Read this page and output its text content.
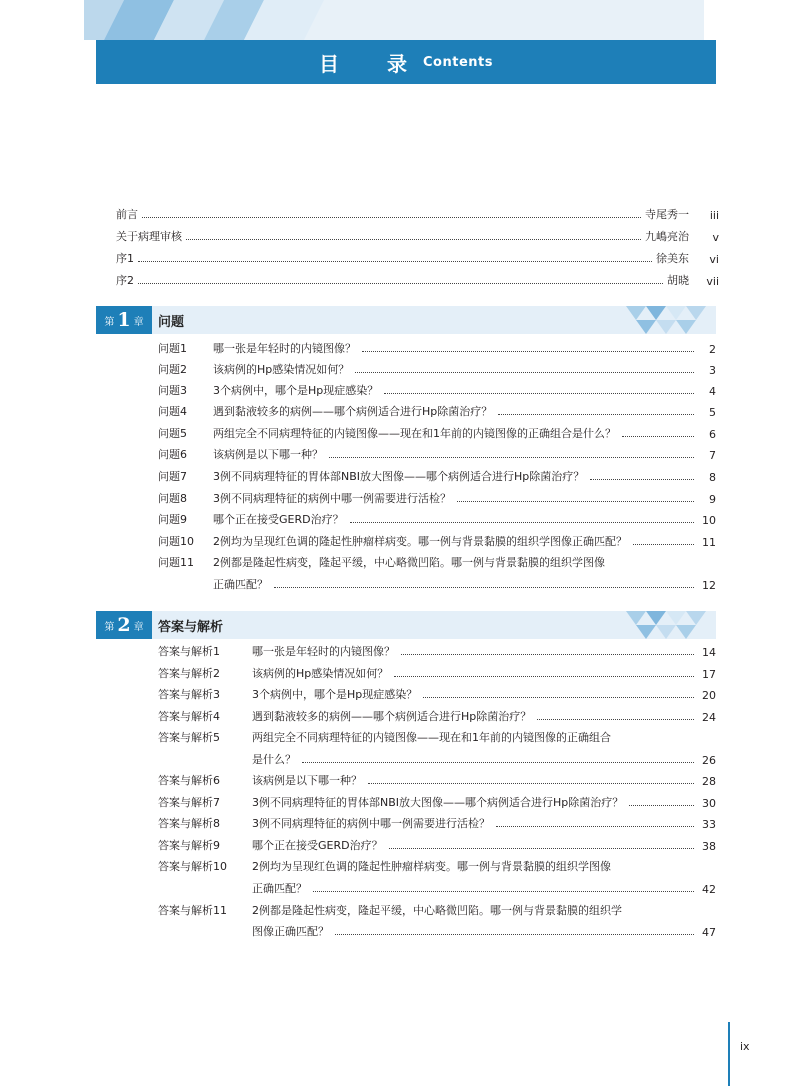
目　录 Contents
前言	寺尾秀一	iii
关于病理审核	九嶋亮治	v
序1	徐美东	vi
序2	胡晓	vii
第 1 章 问题
问题1 哪一张是年轻时的内镜图像？	2
问题2 该病例的Hp感染情况如何？	3
问题3 3个病例中，哪个是Hp现症感染？	4
问题4 遇到黏液较多的病例——哪个病例适合进行Hp除菌治疗？	5
问题5 两组完全不同病理特征的内镜图像——现在和1年前的内镜图像的正确组合是什么？	6
问题6 该病例是以下哪一种？	7
问题7 3例不同病理特征的胃体部NBI放大图像——哪个病例适合进行Hp除菌治疗？	8
问题8 3例不同病理特征的病例中哪一例需要进行活检？	9
问题9 哪个正在接受GERD治疗？	10
问题10 2例均为呈现红色调的隆起性肿瘤样病变。哪一例与背景黏膜的组织学图像正确匹配？	11
问题11 2例都是隆起性病变，隆起平缓，中心略微凹陷。哪一例与背景黏膜的组织学图像
正确匹配？	12
第 2 章 答案与解析
答案与解析1	哪一张是年轻时的内镜图像？	14
答案与解析2	该病例的Hp感染情况如何？	17
答案与解析3	3个病例中，哪个是Hp现症感染？	20
答案与解析4	遇到黏液较多的病例——哪个病例适合进行Hp除菌治疗？	24
答案与解析5	两组完全不同病理特征的内镜图像——现在和1年前的内镜图像的正确组合
是什么？	26
答案与解析6	该病例是以下哪一种？	28
答案与解析7	3例不同病理特征的胃体部NBI放大图像——哪个病例适合进行Hp除菌治疗？	30
答案与解析8	3例不同病理特征的病例中哪一例需要进行活检？	33
答案与解析9	哪个正在接受GERD治疗？	38
答案与解析10 2例均为呈现红色调的隆起性肿瘤样病变。哪一例与背景黏膜的组织学图像
正确匹配？	42
答案与解析11 2例都是隆起性病变，隆起平缓，中心略微凹陷。哪一例与背景黏膜的组织学
图像正确匹配？	47
ix
